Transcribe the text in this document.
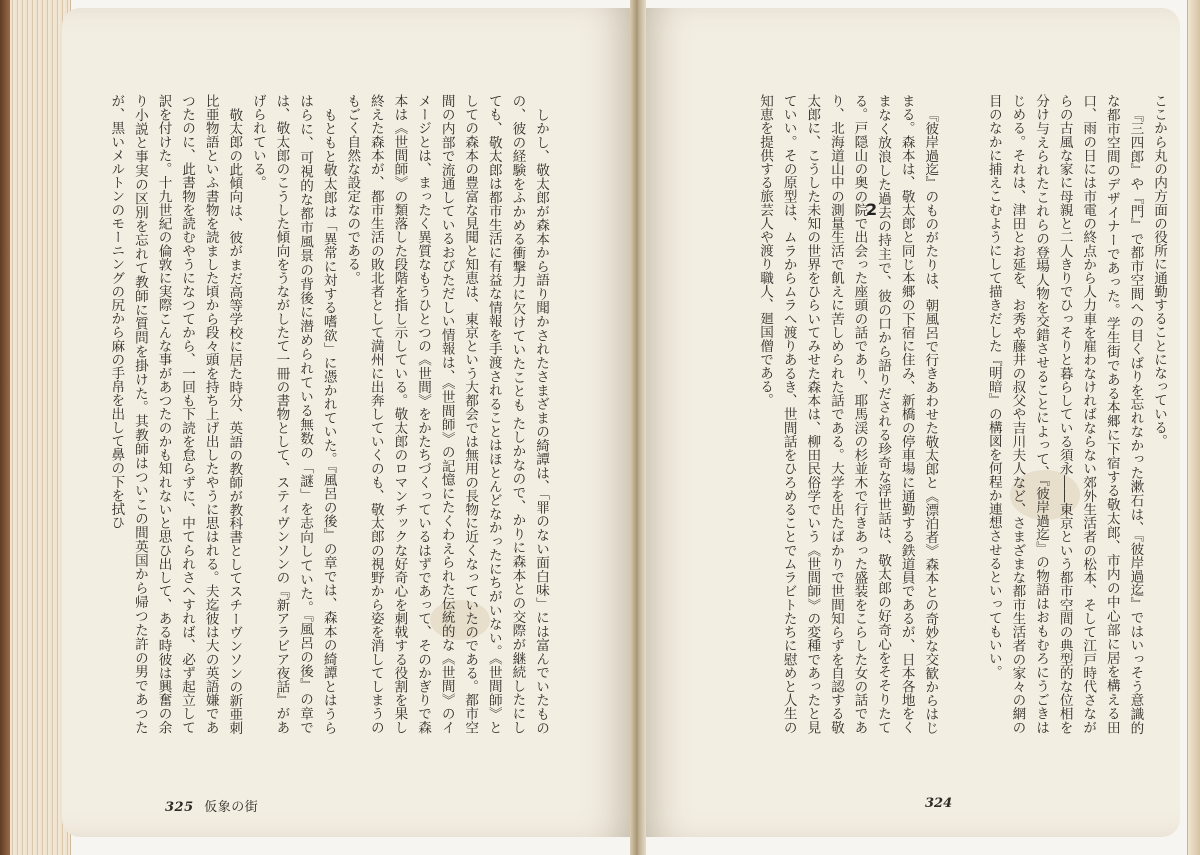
しかし、敬太郎が森本から語り聞かされたさまざまの綺譚は、「罪のない面白味」には富んでいたものの、彼の経験をふかめる衝撃力に欠けていたことも たしかなので、かりに森本との交際が継続したにしても、敬太郎は都市生活に有益な情報を手渡されることはほとんどなかったにちがいない。《世間師》としての森本の豊富な見聞と知恵は、東京という大都会では無用の長物に近くなっていたのである。都市空間の内部で流通しているおびただしい情報は、《世間師》の記憶にたくわえられた伝統的な《世間》のイメージとは、まったく異質なもうひとつの《世間》をかたちづくっているはずであって、そのかぎりで森本は《世間師》の類落した段階を指し示している。敬太郎のロマンチックな好奇心を刺戟する役割を果し終えた森本が、都市生活の敗北者として満州に出奔していくのも、敬太郎の視野から姿を消してしまうのもごく自然な設定なのである。

もともと敬太郎は「異常に対する嗜欲」に憑かれていた。『風呂の後』の章では、森本の綺譚とはうらはらに、可視的な都市風景の背後に潜められている無数の「謎」を志向していた。『風呂の後』の章では、敬太郎のこうした傾向をうながしたて一冊の書物として、スティヴンソンの『新アラビア夜話』があげられている。

敬太郎の此傾向は、彼がまだ高等学校に居た時分、英語の教師が教科書としてスチーヴンソンの新亜刺比亜物語といふ書物を読ました頃から段々頭を持ち上げ出したやうに思はれる。夫迄彼は大の英語嫌であつたのに、此書物を読むやうになつてから、一回も下読を怠らずに、中てられさへすれば、必ず起立して訳を付けた。十九世紀の倫敦に実際こんな事があつたのかも知れないと思ひ出して、ある時彼は興奮の余り小説と事実の区別を忘れて教師に質問を掛けた。其教師はついこの間英国から帰つた許の男であつたが、黒いメルトンのモーニングの尻から麻の手帛を出して鼻の下を拭ひ	ここから丸の内方面の役所に通勤することになっている。

『三四郎』や『門』で都市空間への目くばりを忘れなかった漱石は、『彼岸過迄』ではいっそう意識的な都市空間のデザイナーであった。学生街である本郷に下宿する敬太郎、市内の中心部に居を構える田口、雨の日には市電の終点から人力車を雇わなければならない郊外生活者の松本、そして江戸時代さながらの古風な家に母親と二人きりでひっそりと暮らしている須永――東京という都市空間の典型的な位相を分け与えられたこれらの登場人物を交錯させることによって、『彼岸過迄』の物語はおもむろにうごきはじめる。それは、津田とお延を、お秀や藤井の叔父や吉川夫人など、さまざまな都市生活者の家々の網の目のなかに捕えこむようにして描きだした『明暗』の構図を何程か連想させるといってもいい。

『彼岸過迄』のものがたりは、朝風呂で行きあわせた敬太郎と《漂泊者》森本との奇妙な交歓からはじまる。森本は、敬太郎と同じ本郷の下宿に住み、新橋の停車場に通勤する鉄道員であるが、日本各地をくまなく放浪した過去の持主で、彼の口から語りだされる珍奇な浮世話は、敬太郎の好奇心をそそりたてる。戸隠山の奥の院で出会った座頭の話であり、耶馬渓の杉並木で行きあった盛装をこらした女の話であり、北海道山中の測量生活で飢えに苦しめられた話である。大学を出たばかりで世間知らずを自認する敬太郎に、こうした未知の世界をひらいてみせた森本は、柳田民俗学でいう《世間師》の変種であったと見ていい。その原型は、ムラからムラへ渡りあるき、世間話をひろめることでムラビトたちに慰めと人生の知恵を提供する旅芸人や渡り職人、廻国僧である。	2
325 仮象の街	324
